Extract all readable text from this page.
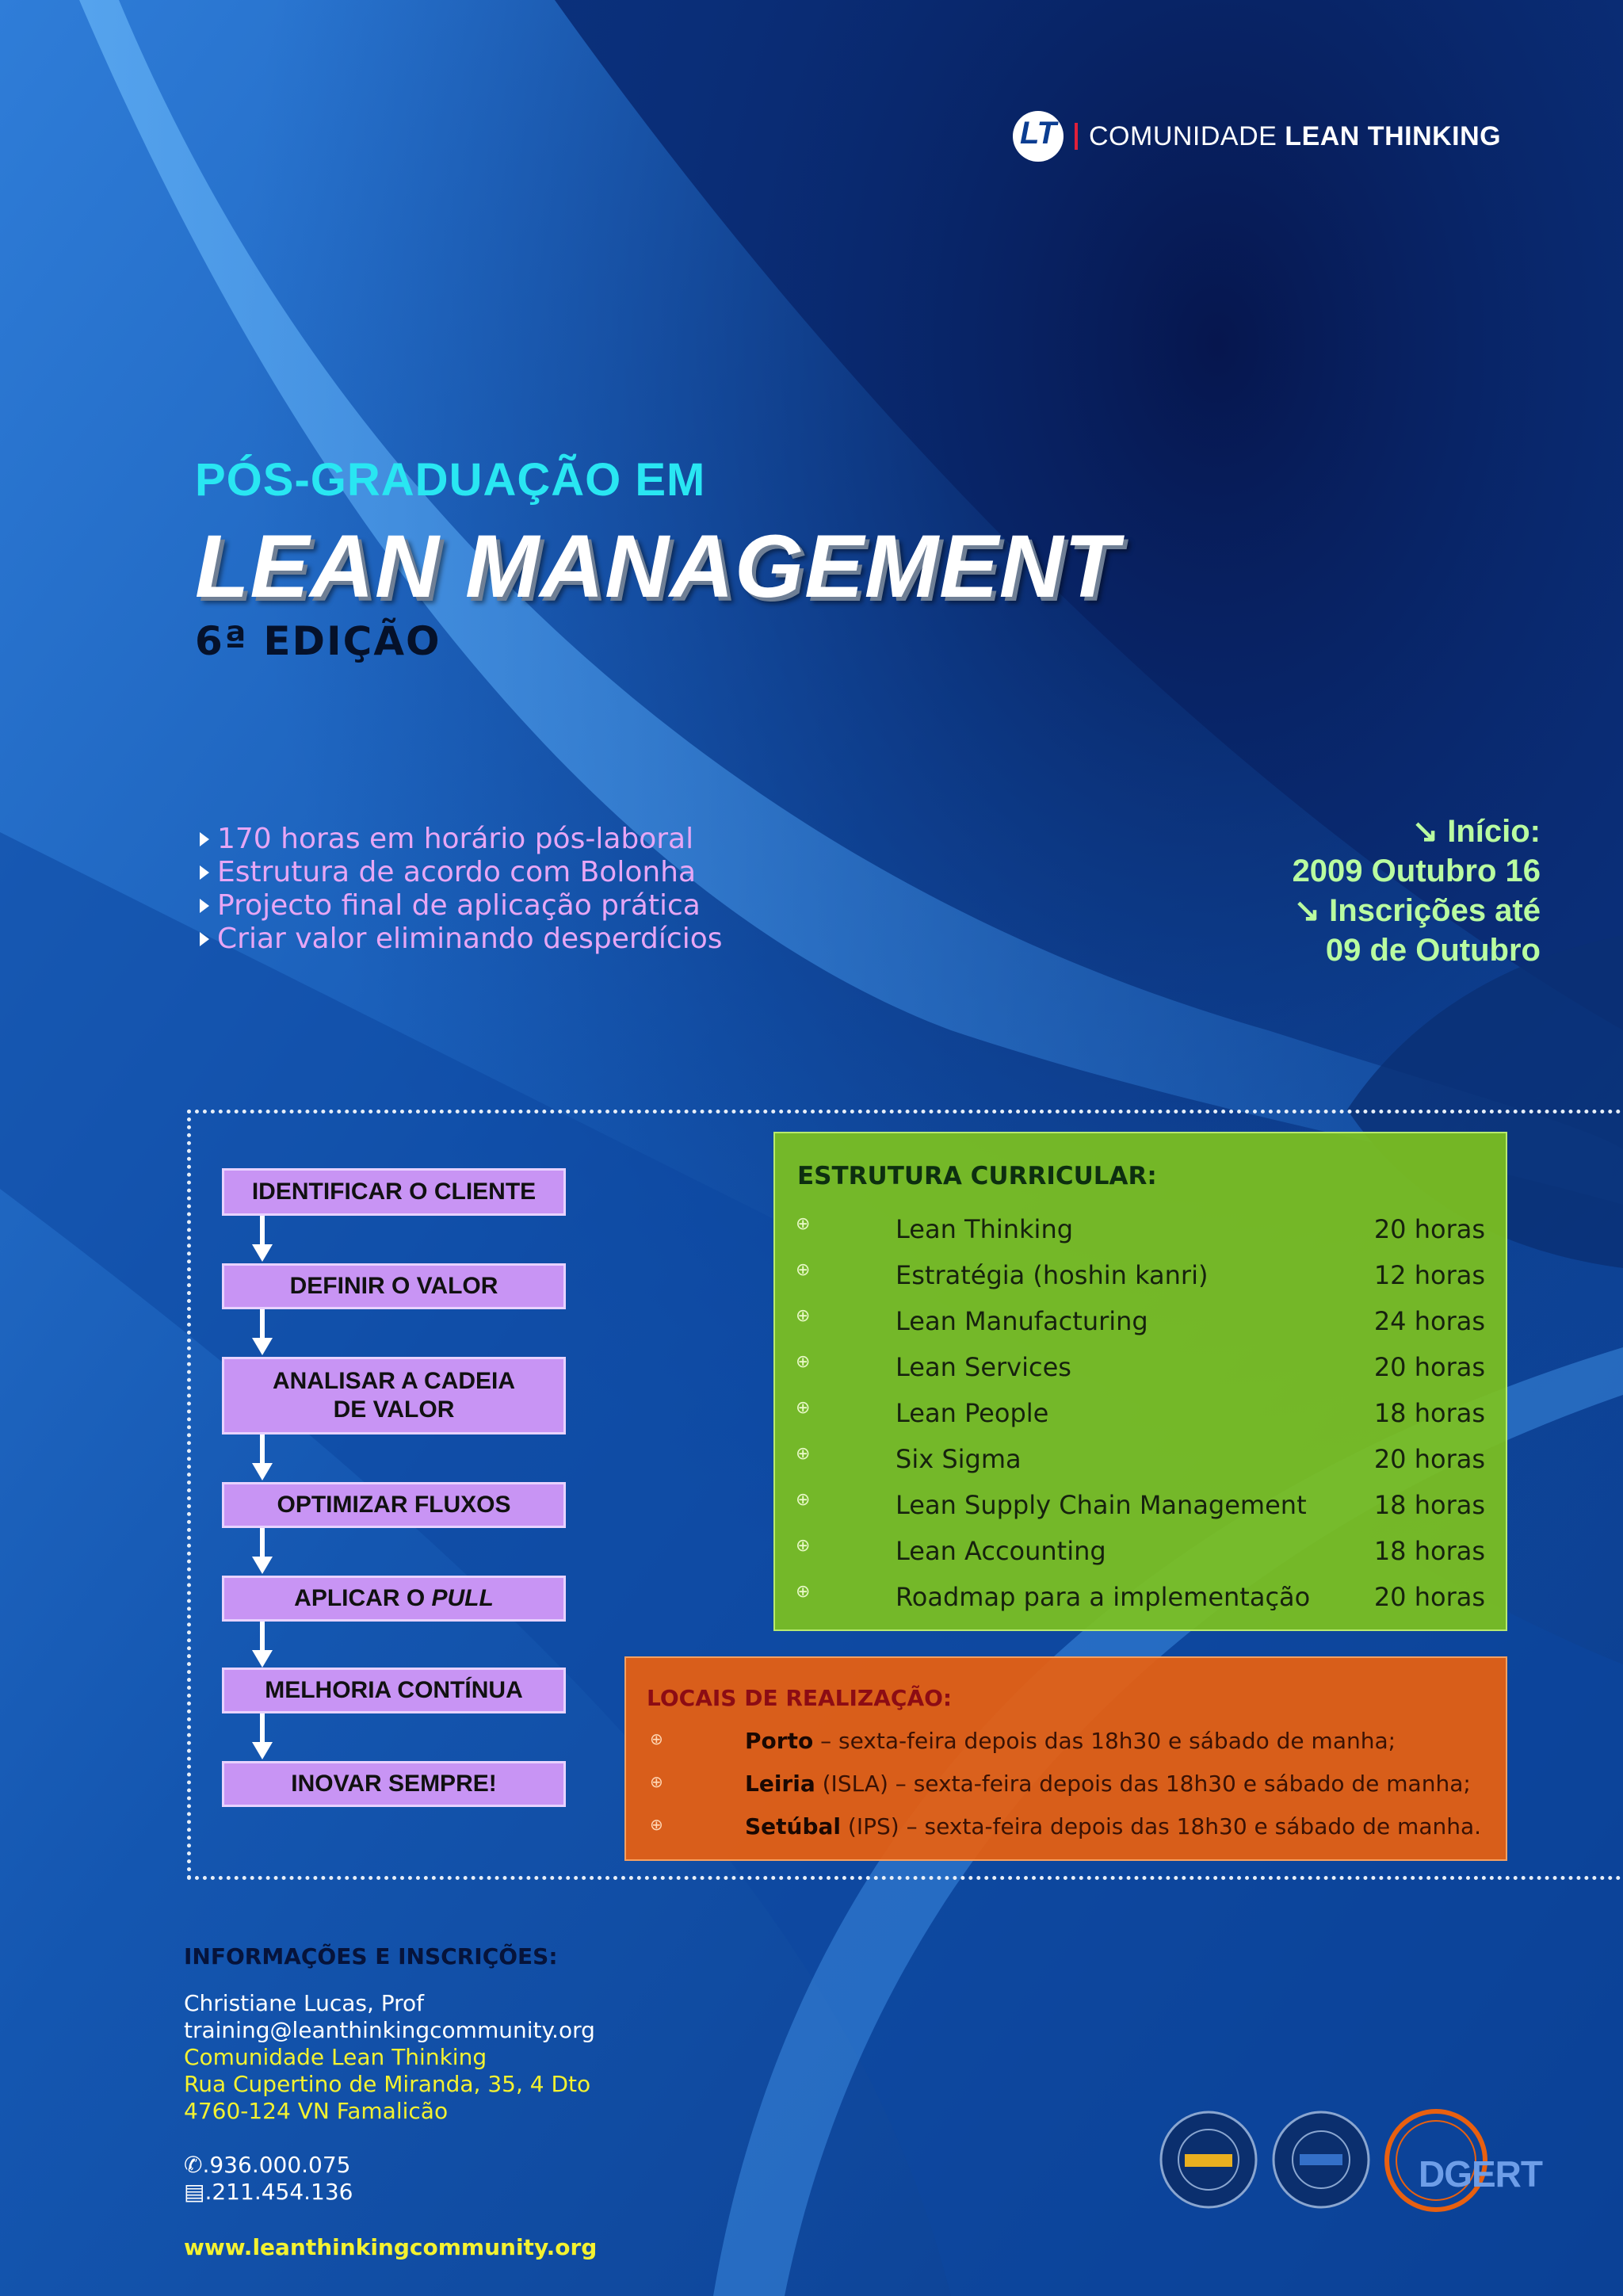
LT COMUNIDADE LEAN THINKING
PÓS-GRADUAÇÃO EM
LEAN MANAGEMENT
6ª EDIÇÃO
170 horas em horário pós-laboral
Estrutura de acordo com Bolonha
Projecto final de aplicação prática
Criar valor eliminando desperdícios
↘ Início:
2009 Outubro 16
↘ Inscrições até
09 de Outubro
IDENTIFICAR O CLIENTE
DEFINIR O VALOR
ANALISAR A CADEIA DE VALOR
OPTIMIZAR FLUXOS
APLICAR O PULL
MELHORIA CONTÍNUA
INOVAR SEMPRE!
ESTRUTURA CURRICULAR:
⊕	Lean Thinking	20 horas
⊕	Estratégia (hoshin kanri)	12 horas
⊕	Lean Manufacturing	24 horas
⊕	Lean Services	20 horas
⊕	Lean People	18 horas
⊕	Six Sigma	20 horas
⊕	Lean Supply Chain Management	18 horas
⊕	Lean Accounting	18 horas
⊕	Roadmap para a implementação	20 horas
LOCAIS DE REALIZAÇÃO:
⊕	Porto – sexta-feira depois das 18h30 e sábado de manha;
⊕	Leiria (ISLA) – sexta-feira depois das 18h30 e sábado de manha;
⊕	Setúbal (IPS) – sexta-feira depois das 18h30 e sábado de manha.
INFORMAÇÕES E INSCRIÇÕES:
Christiane Lucas, Prof
training@leanthinkingcommunity.org
Comunidade Lean Thinking
Rua Cupertino de Miranda, 35, 4 Dto
4760-124 VN Famalicão
✆.936.000.075
▤.211.454.136
www.leanthinkingcommunity.org
DGERT
